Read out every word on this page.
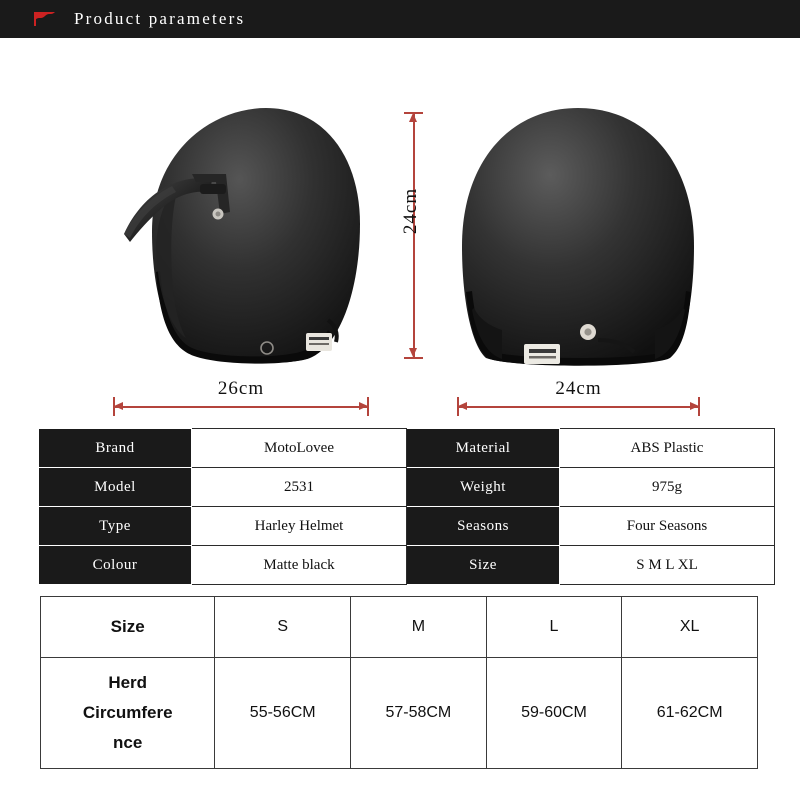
Product parameters
24cm
26cm	24cm
Brand	MotoLovee	Material	ABS Plastic
Model	2531	Weight	975g
Type	Harley Helmet	Seasons	Four Seasons
Colour	Matte black	Size	S M L XL
Size	S	M	L	XL

Herd
Circumfere
nce	55-56CM	57-58CM	59-60CM	61-62CM
